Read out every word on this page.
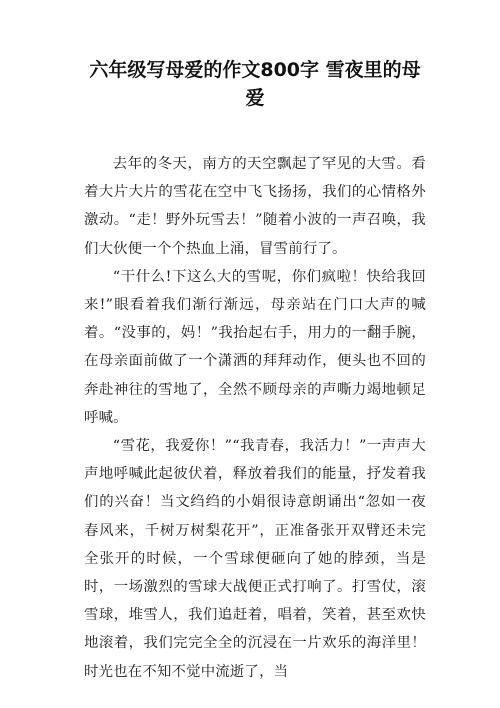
六年级写母爱的作文800字 雪夜里的母爱

去年的冬天，南方的天空飘起了罕见的大雪。看着大片大片的雪花在空中飞飞扬扬，我们的心情格外激动。“走！野外玩雪去！”随着小波的一声召唤，我们大伙便一个个热血上涌，冒雪前行了。

“干什么!下这么大的雪呢，你们疯啦！快给我回来!”眼看着我们渐行渐远，母亲站在门口大声的喊着。“没事的，妈！”我抬起右手，用力的一翻手腕，在母亲面前做了一个潇洒的拜拜动作，便头也不回的奔赴神往的雪地了，全然不顾母亲的声嘶力竭地顿足呼喊。

“雪花，我爱你！”“我青春，我活力！”一声声大声地呼喊此起彼伏着，释放着我们的能量，抒发着我们的兴奋！当文绉绉的小娟很诗意朗诵出“忽如一夜春风来，千树万树梨花开”，正准备张开双臂还未完全张开的时候，一个雪球便砸向了她的脖颈，当是时，一场激烈的雪球大战便正式打响了。打雪仗，滚雪球，堆雪人，我们追赶着，唱着，笑着，甚至欢快地滚着，我们完完全全的沉浸在一片欢乐的海洋里！时光也在不知不觉中流逝了，当
